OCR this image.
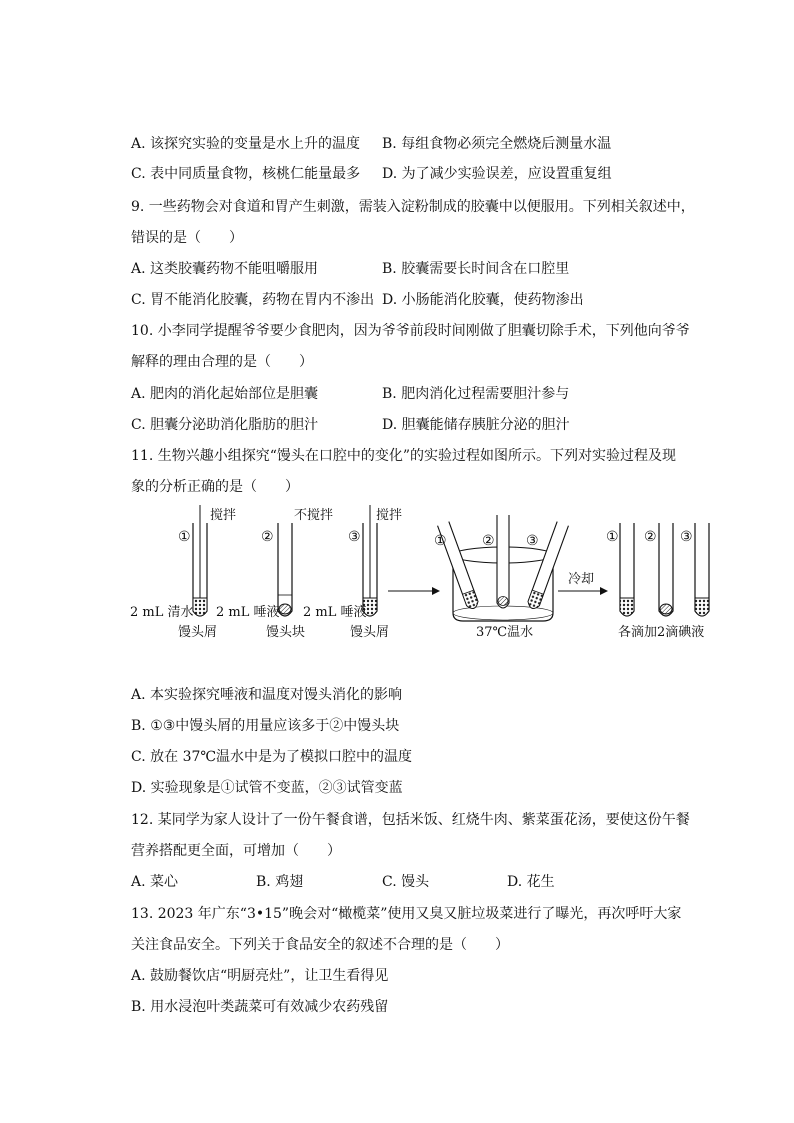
A. 该探究实验的变量是水上升的温度 B. 每组食物必须完全燃烧后测量水温
C. 表中同质量食物，核桃仁能量最多 D. 为了减少实验误差，应设置重复组
9. 一些药物会对食道和胃产生刺激，需装入淀粉制成的胶囊中以便服用。下列相关叙述中，
错误的是（　　）
A. 这类胶囊药物不能咀嚼服用	B. 胶囊需要长时间含在口腔里
C. 胃不能消化胶囊，药物在胃内不渗出 D. 小肠能消化胶囊，使药物渗出
10. 小李同学提醒爷爷要少食肥肉，因为爷爷前段时间刚做了胆囊切除手术，下列他向爷爷
解释的理由合理的是（　　）
A. 肥肉的消化起始部位是胆囊	B. 肥肉消化过程需要胆汁参与
C. 胆囊分泌助消化脂肪的胆汁	D. 胆囊能储存胰脏分泌的胆汁
11. 生物兴趣小组探究“馒头在口腔中的变化”的实验过程如图所示。下列对实验过程及现
象的分析正确的是（　　）
①
搅拌
2 mL 清水
馒头屑
②
不搅拌
2 mL 唾液
馒头块
③
搅拌
2 mL 唾液
馒头屑
①	② ③
37℃温水
冷却
① ② ③
各滴加2滴碘液
A. 本实验探究唾液和温度对馒头消化的影响
B. ①③中馒头屑的用量应该多于②中馒头块
C. 放在 37℃温水中是为了模拟口腔中的温度
D. 实验现象是①试管不变蓝，②③试管变蓝
12. 某同学为家人设计了一份午餐食谱，包括米饭、红烧牛肉、紫菜蛋花汤，要使这份午餐
营养搭配更全面，可增加（　　）
A. 菜心	B. 鸡翅	C. 馒头	D. 花生
13. 2023 年广东“3•15”晚会对“橄榄菜”使用又臭又脏垃圾菜进行了曝光，再次呼吁大家
关注食品安全。下列关于食品安全的叙述不合理的是（　　）
A. 鼓励餐饮店“明厨亮灶”，让卫生看得见
B. 用水浸泡叶类蔬菜可有效减少农药残留
